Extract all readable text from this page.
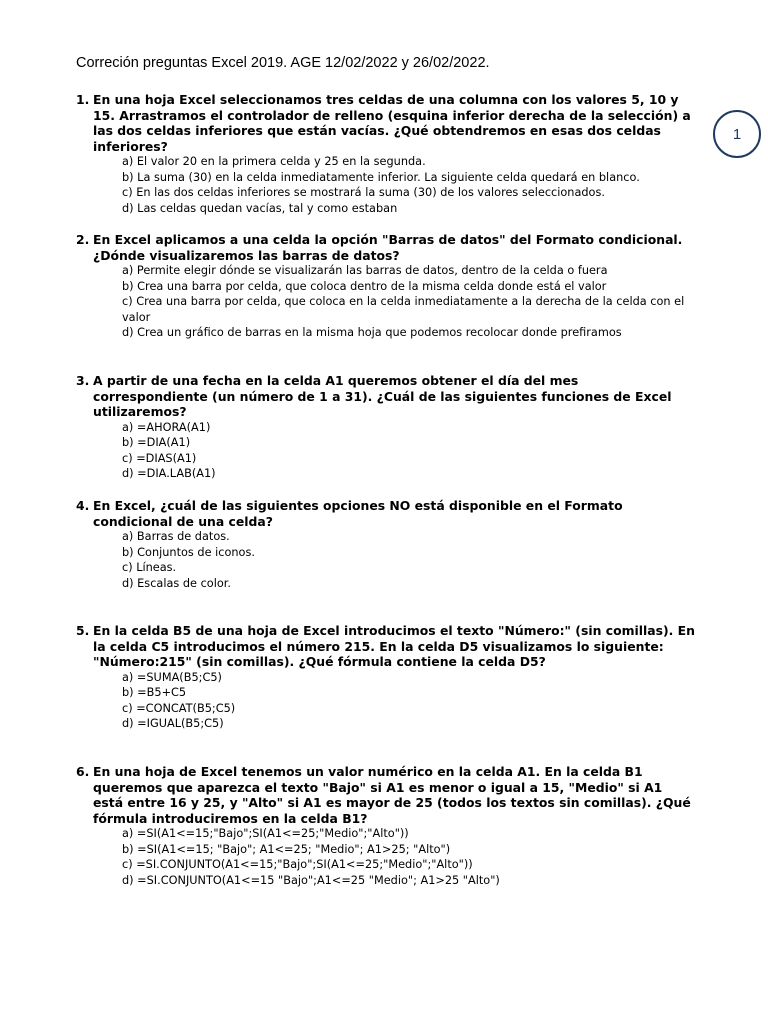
Correción preguntas Excel 2019. AGE 12/02/2022 y 26/02/2022.
1
1. En una hoja Excel seleccionamos tres celdas de una columna con los valores 5, 10 y 15. Arrastramos el controlador de relleno (esquina inferior derecha de la selección) a las dos celdas inferiores que están vacías. ¿Qué obtendremos en esas dos celdas inferiores?
a) El valor 20 en la primera celda y 25 en la segunda.
b) La suma (30) en la celda inmediatamente inferior. La siguiente celda quedará en blanco.
c) En las dos celdas inferiores se mostrará la suma (30) de los valores seleccionados.
d) Las celdas quedan vacías, tal y como estaban
2. En Excel aplicamos a una celda la opción "Barras de datos" del Formato condicional. ¿Dónde visualizaremos las barras de datos?
a) Permite elegir dónde se visualizarán las barras de datos, dentro de la celda o fuera
b) Crea una barra por celda, que coloca dentro de la misma celda donde está el valor
c) Crea una barra por celda, que coloca en la celda inmediatamente a la derecha de la celda con el valor
d) Crea un gráfico de barras en la misma hoja que podemos recolocar donde prefiramos
3. A partir de una fecha en la celda A1 queremos obtener el día del mes correspondiente (un número de 1 a 31). ¿Cuál de las siguientes funciones de Excel utilizaremos?
a) =AHORA(A1)
b) =DIA(A1)
c) =DIAS(A1)
d) =DIA.LAB(A1)
4. En Excel, ¿cuál de las siguientes opciones NO está disponible en el Formato condicional de una celda?
a) Barras de datos.
b) Conjuntos de iconos.
c) Líneas.
d) Escalas de color.
5. En la celda B5 de una hoja de Excel introducimos el texto "Número:" (sin comillas). En la celda C5 introducimos el número 215. En la celda D5 visualizamos lo siguiente: "Número:215" (sin comillas). ¿Qué fórmula contiene la celda D5?
a) =SUMA(B5;C5)
b) =B5+C5
c) =CONCAT(B5;C5)
d) =IGUAL(B5;C5)
6. En una hoja de Excel tenemos un valor numérico en la celda A1. En la celda B1 queremos que aparezca el texto "Bajo" si A1 es menor o igual a 15, "Medio" si A1 está entre 16 y 25, y "Alto" si A1 es mayor de 25 (todos los textos sin comillas). ¿Qué fórmula introduciremos en la celda B1?
a) =SI(A1<=15;"Bajo";SI(A1<=25;"Medio";"Alto"))
b) =SI(A1<=15; "Bajo"; A1<=25; "Medio"; A1>25; "Alto")
c) =SI.CONJUNTO(A1<=15;"Bajo";SI(A1<=25;"Medio";"Alto"))
d) =SI.CONJUNTO(A1<=15 "Bajo";A1<=25 "Medio"; A1>25 "Alto")
